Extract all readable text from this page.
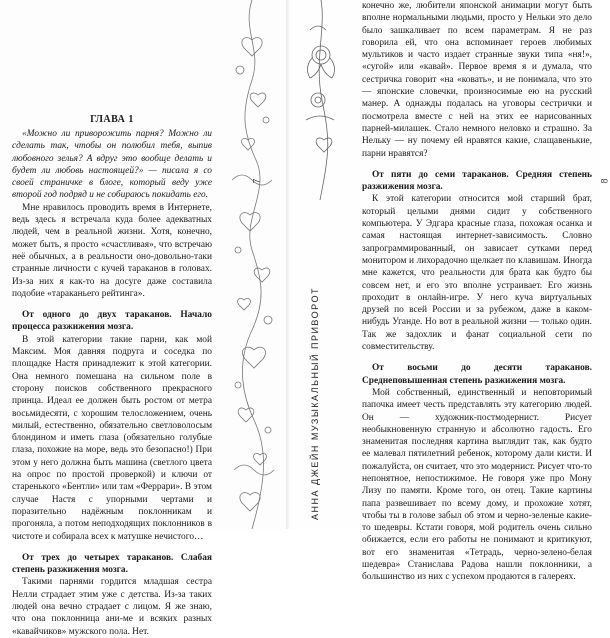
ГЛАВА 1

«Можно ли приворожить парня? Можно ли сделать так, чтобы он полюбил тебя, выпив любовного зелья? А вдруг это вообще делать и будет ли любовь настоящей?» — писала я со своей страничке в блоге, который веду уже второй год подряд и не собираюсь покидать его.

Мне нравилось проводить время в Интернете, ведь здесь я встречала куда более адекватных людей, чем в реальной жизни. Хотя, конечно, может быть, я просто «счастливая», что встречаю неё обычных, а в реальности оно-довольно-таки странные личности с кучей тараканов в головах. Из-за них я как-то на досуге даже составила подобие «тараканьего рейтинга».

От одного до двух тараканов. Начало процесса разжижения мозга.

В этой категории такие парни, как мой Максим. Моя давняя подруга и соседка по площадке Настя принадлежит к этой категории. Она немного помешана на сильном поле в сторону поисков собственного прекрасного принца. Идеал ее должен быть ростом от метра восьмидесяти, с хорошим телосложением, очень милый, естественно, обязательно светловолосым блондином и иметь глаза (обязательно голубые глаза, похожие на море, ведь это безопасно!) При этом у него должна быть машина (светлого цвета на опрос по простой проверкой) и ключи от старенького «Бентли» или там «Феррари». В этом случае Настя с упорными чертами и поразительно надёжным поклонникам и прогоняла, а потом неподходящих поклонников в чистоте и собирала всех к матушке нечистого…

От трех до четырех тараканов. Слабая степень разжижения мозга.

Такими парнями гордится младшая сестра Нелли страдает этим уже с детства. Из-за таких людей она вечно страдает с лицом. Я же знаю, что она поклонница ани-ме и всяких разных «кавайчиков» мужского пола. Нет.

7	8
АННА ДЖЕЙН МУЗЫКАЛЬНЫЙ ПРИВОРОТ

конечно же, любители японской анимации могут быть вполне нормальными людьми, просто у Нельки это дело было зашкаливает по всем параметрам. Я не раз говорила ей, что она вспоминает героев любимых мультиков и часто издает странные звуки типа «ня!», «сугой» или «кавай». Первое время я и думала, что сестричка говорит «на «ковать», и не понимала, что это — японские словечки, произносимые ею на русский манер. А однажды подалась на уговоры сестрички и посмотрела вместе с ней на этих ее нарисованных парней-милашек. Стало немного неловко и страшно. За Нельку — ну почему ей нравятся какие, слащавенькие, парни нравятся?

От пяти до семи тараканов. Средняя степень разжижения мозга.

К этой категории относится мой старший брат, который целыми днями сидит у собственного компьютера. У Эдгара красные глаза, похожая осанка и самая настоящая интернет-зависимость. Словно запрограммированный, он зависает сутками перед монитором и лихорадочно щелкает по клавишам. Иногда мне кажется, что реальности для брата как будто бы совсем нет, и его это вполне устраивает. Его жизнь проходит в онлайн-игре. У него куча виртуальных друзей по всей России и за рубежом, даже в каком-нибудь Уганде. Но вот в реальной жизни — только один. Так же задохлик и фанат социальной сети по совместительству.

От восьми до десяти тараканов. Среднеповышенная степень разжижения мозга.

Мой собственный, единственный и неповторимый папочка имеет честь представлять эту категорию людей. Он — художник-постмодернист. Рисует необыкновенную странную и абсолютно гадость. Его знаменитая последняя картина выглядит так, как будто ее малевал пятилетний ребенок, которому дали кисти. И пожалуйста, он считает, что это модернист. Рисует что-то непонятное, непостижимое. Не говоря уже про Мону Лизу по памяти. Кроме того, он отец. Такие картины папа развешивает по всему дому, и прохожие хотят, чтобы ты в голове забыл об этом и черно-зеленые какие-то шедевры. Кстати говоря, мой родитель очень сильно обижается, если его работы не понимают и критикуют, вот его знаменитая «Тетрадь, черно-зелено-белая шедевра» Станислава Радова нашли поклонники, а большинство из них с успехом продаются в галереях.
